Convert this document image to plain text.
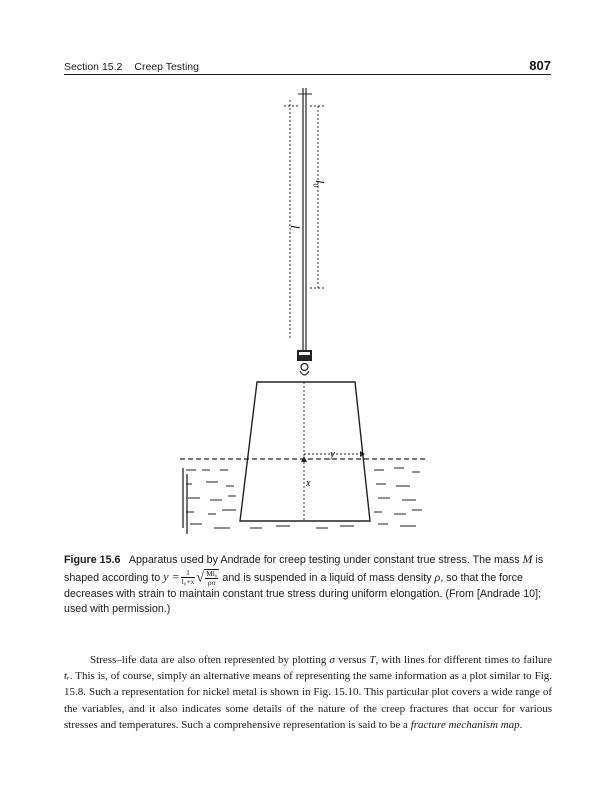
Section 15.2 Creep Testing	807
l
l₀
y
x
Figure 15.6 Apparatus used by Andrade for creep testing under constant true stress. The mass M is shaped according to $y = \frac{1}{\text{l₀+x}}$ √ $\frac{\text{Ml₀}}{\rho\sigma}$ and is suspended in a liquid of mass density ρ, so that the force decreases with strain to maintain constant true stress during uniform elongation. (From [Andrade 10]; used with permission.)
Stress–life data are also often represented by plotting σ versus T, with lines for different times to failure tᵣ. This is, of course, simply an alternative means of representing the same information as a plot similar to Fig. 15.8. Such a representation for nickel metal is shown in Fig. 15.10. This particular plot covers a wide range of the variables, and it also indicates some details of the nature of the creep fractures that occur for various stresses and temperatures. Such a comprehensive representation is said to be a fracture mechanism map.
